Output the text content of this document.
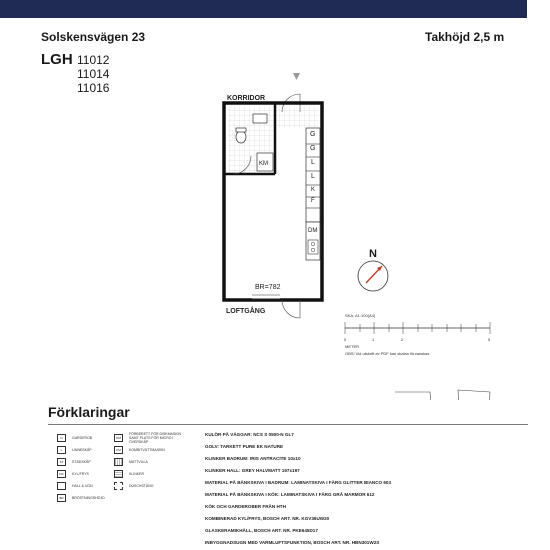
Solskensvägen 23	Takhöjd 2,5 m
LGH 11012
11014
11016
KORRIDOR
LOFTGÅNG
BR=782
KM
G
G
L
L
K
F
DM
N
SKA: A1:100(A4)
0	1	2	5
METER
OBS! Vid utskrift av PDF kan skalan förvanskas
Förklaringar
G	GARDEROB
L	LINNESKÅP
ST	STÄDSKÅP
K/F	KYL/FRYS
HALL & UGN
BR	BRÖSTNINGSHÖJD
DM
FÖRBERETT FÖR DISKMASKIN SAMT PLATS FÖR MICRO I ÖVERSKÅP
KM	KOMBITVÄTTMASKIN
MATTVILLA
KLINKER
DUSCHSTÅNG
KULÖR PÅ VÄGGAR: NCS S 0500-N GL7
GOLV: TARKETT PURE EK NATURE
KLINKER BADRUM: IRIS ANTRACITE 10x10
KLINKER HALL: GREY HALVMATT 197x197
MATERIAL PÅ BÄNKSKIVA I BADRUM: LAMINATSKIVA I FÄRG GLITTER BIANCO 603
MATERIAL PÅ BÄNKSKIVA I KÖK: LAMINATSKIVA I FÄRG GRÅ MARMOR 612
KÖK OCH GARDEROBER FRÅN HTH
KOMBINERAD KYL/FRYS, BOSCH ART. NR. KGV36UW20
GLASKERAMIKHÄLL, BOSCH ART. NR. PKE645D17
INBYGGNADSUGN MED VARMLUFTSFUNKTION, BOSCH ART. NR. HBN301W2S
